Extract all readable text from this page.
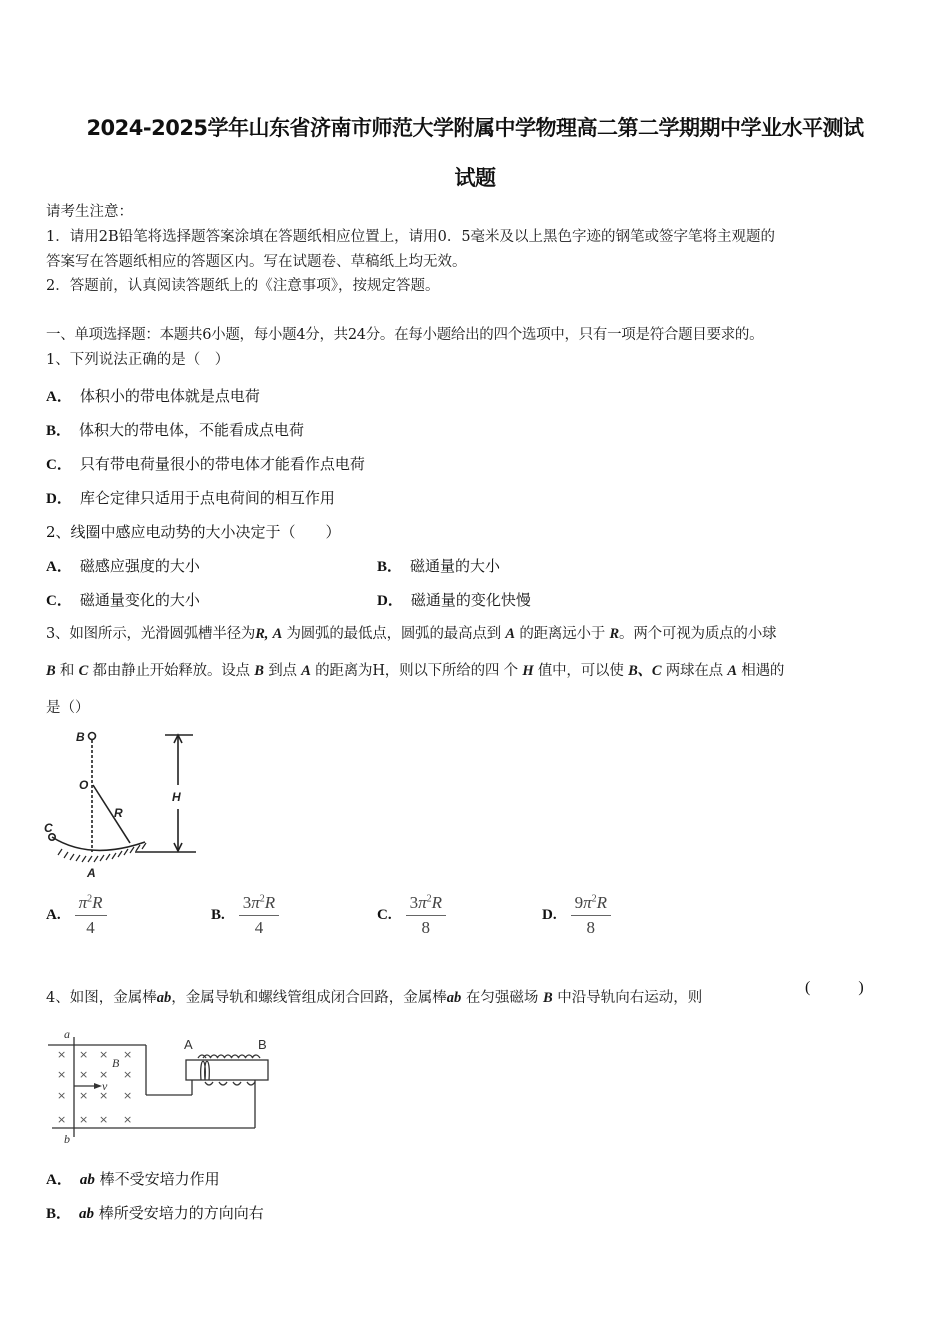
2024-2025学年山东省济南市师范大学附属中学物理高二第二学期期中学业水平测试
试题
请考生注意：
1．请用2B铅笔将选择题答案涂填在答题纸相应位置上，请用0．5毫米及以上黑色字迹的钢笔或签字笔将主观题的
答案写在答题纸相应的答题区内。写在试题卷、草稿纸上均无效。
2．答题前，认真阅读答题纸上的《注意事项》，按规定答题。
一、单项选择题：本题共6小题，每小题4分，共24分。在每小题给出的四个选项中，只有一项是符合题目要求的。
1、下列说法正确的是（　）
A． 体积小的带电体就是点电荷
B． 体积大的带电体，不能看成点电荷
C． 只有带电荷量很小的带电体才能看作点电荷
D． 库仑定律只适用于点电荷间的相互作用
2、线圈中感应电动势的大小决定于（　　）
A． 磁感应强度的大小	B． 磁通量的大小
C． 磁通量变化的大小	D． 磁通量的变化快慢
3、如图所示，光滑圆弧槽半径为R, A 为圆弧的最低点，圆弧的最高点到 A 的距离远小于 R。两个可视为质点的小球
B 和 C 都由静止开始释放。设点 B 到点 A 的距离为H，则以下所给的四 个 H 值中，可以使 B、C 两球在点 A 相遇的
是（）
B
O
R
C
A
H
A. $\frac{\pi^2R}{4}$	B. $\frac{3\pi^2R}{4}$	C. $\frac{3\pi^2R}{8}$	D. $\frac{9\pi^2R}{8}$
4、如图，金属棒ab，金属导轨和螺线管组成闭合回路，金属棒ab 在匀强磁场 B 中沿导轨向右运动，则
(　　　)
× × × ×
× × × ×
× × × ×
× × × ×
a
b
B
v
A	B
A． ab 棒不受安培力作用
B． ab 棒所受安培力的方向向右
